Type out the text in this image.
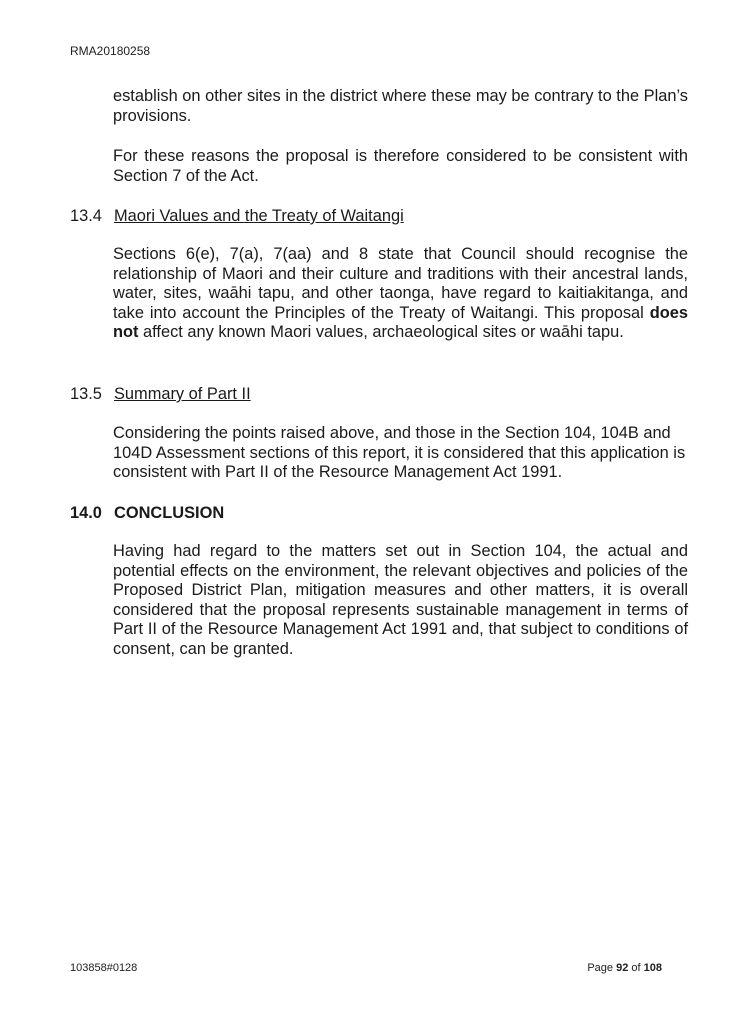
RMA20180258

establish on other sites in the district where these may be contrary to the Plan’s provisions.

For these reasons the proposal is therefore considered to be consistent with Section 7 of the Act.

13.4 Maori Values and the Treaty of Waitangi

Sections 6(e), 7(a), 7(aa) and 8 state that Council should recognise the relationship of Maori and their culture and traditions with their ancestral lands, water, sites, waāhi tapu, and other taonga, have regard to kaitiakitanga, and take into account the Principles of the Treaty of Waitangi. This proposal does not affect any known Maori values, archaeological sites or waāhi tapu.

13.5 Summary of Part II

Considering the points raised above, and those in the Section 104, 104B and 104D Assessment sections of this report, it is considered that this application is consistent with Part II of the Resource Management Act 1991.

14.0 CONCLUSION

Having had regard to the matters set out in Section 104, the actual and potential effects on the environment, the relevant objectives and policies of the Proposed District Plan, mitigation measures and other matters, it is overall considered that the proposal represents sustainable management in terms of Part II of the Resource Management Act 1991 and, that subject to conditions of consent, can be granted.

103858#0128	Page 92 of 108
